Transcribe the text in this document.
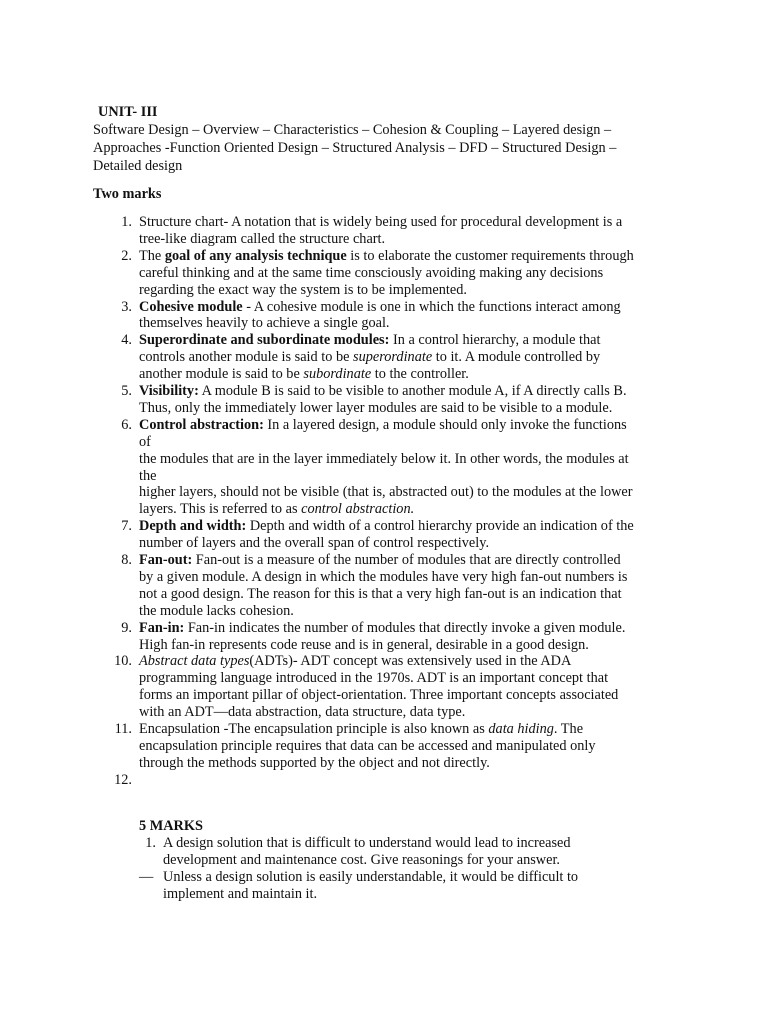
UNIT- III
Software Design – Overview – Characteristics – Cohesion & Coupling – Layered design –
Approaches -Function Oriented Design – Structured Analysis – DFD – Structured Design –
Detailed design
Two marks
1. Structure chart- A notation that is widely being used for procedural development is a
tree-like diagram called the structure chart.
2. The goal of any analysis technique is to elaborate the customer requirements through
careful thinking and at the same time consciously avoiding making any decisions
regarding the exact way the system is to be implemented.
3. Cohesive module - A cohesive module is one in which the functions interact among
themselves heavily to achieve a single goal.
4. Superordinate and subordinate modules: In a control hierarchy, a module that
controls another module is said to be superordinate to it. A module controlled by
another module is said to be subordinate to the controller.
5. Visibility: A module B is said to be visible to another module A, if A directly calls B.
Thus, only the immediately lower layer modules are said to be visible to a module.
6. Control abstraction: In a layered design, a module should only invoke the functions
of
the modules that are in the layer immediately below it. In other words, the modules at
the
higher layers, should not be visible (that is, abstracted out) to the modules at the lower
layers. This is referred to as control abstraction.
7. Depth and width: Depth and width of a control hierarchy provide an indication of the
number of layers and the overall span of control respectively.
8. Fan-out: Fan-out is a measure of the number of modules that are directly controlled
by a given module. A design in which the modules have very high fan-out numbers is
not a good design. The reason for this is that a very high fan-out is an indication that
the module lacks cohesion.
9. Fan-in: Fan-in indicates the number of modules that directly invoke a given module.
High fan-in represents code reuse and is in general, desirable in a good design.
10. Abstract data types(ADTs)- ADT concept was extensively used in the ADA
programming language introduced in the 1970s. ADT is an important concept that
forms an important pillar of object-orientation. Three important concepts associated
with an ADT—data abstraction, data structure, data type.
11. Encapsulation -The encapsulation principle is also known as data hiding. The
encapsulation principle requires that data can be accessed and manipulated only
through the methods supported by the object and not directly.
12.
5 MARKS
1. A design solution that is difficult to understand would lead to increased
development and maintenance cost. Give reasonings for your answer.
— Unless a design solution is easily understandable, it would be difficult to
implement and maintain it.
